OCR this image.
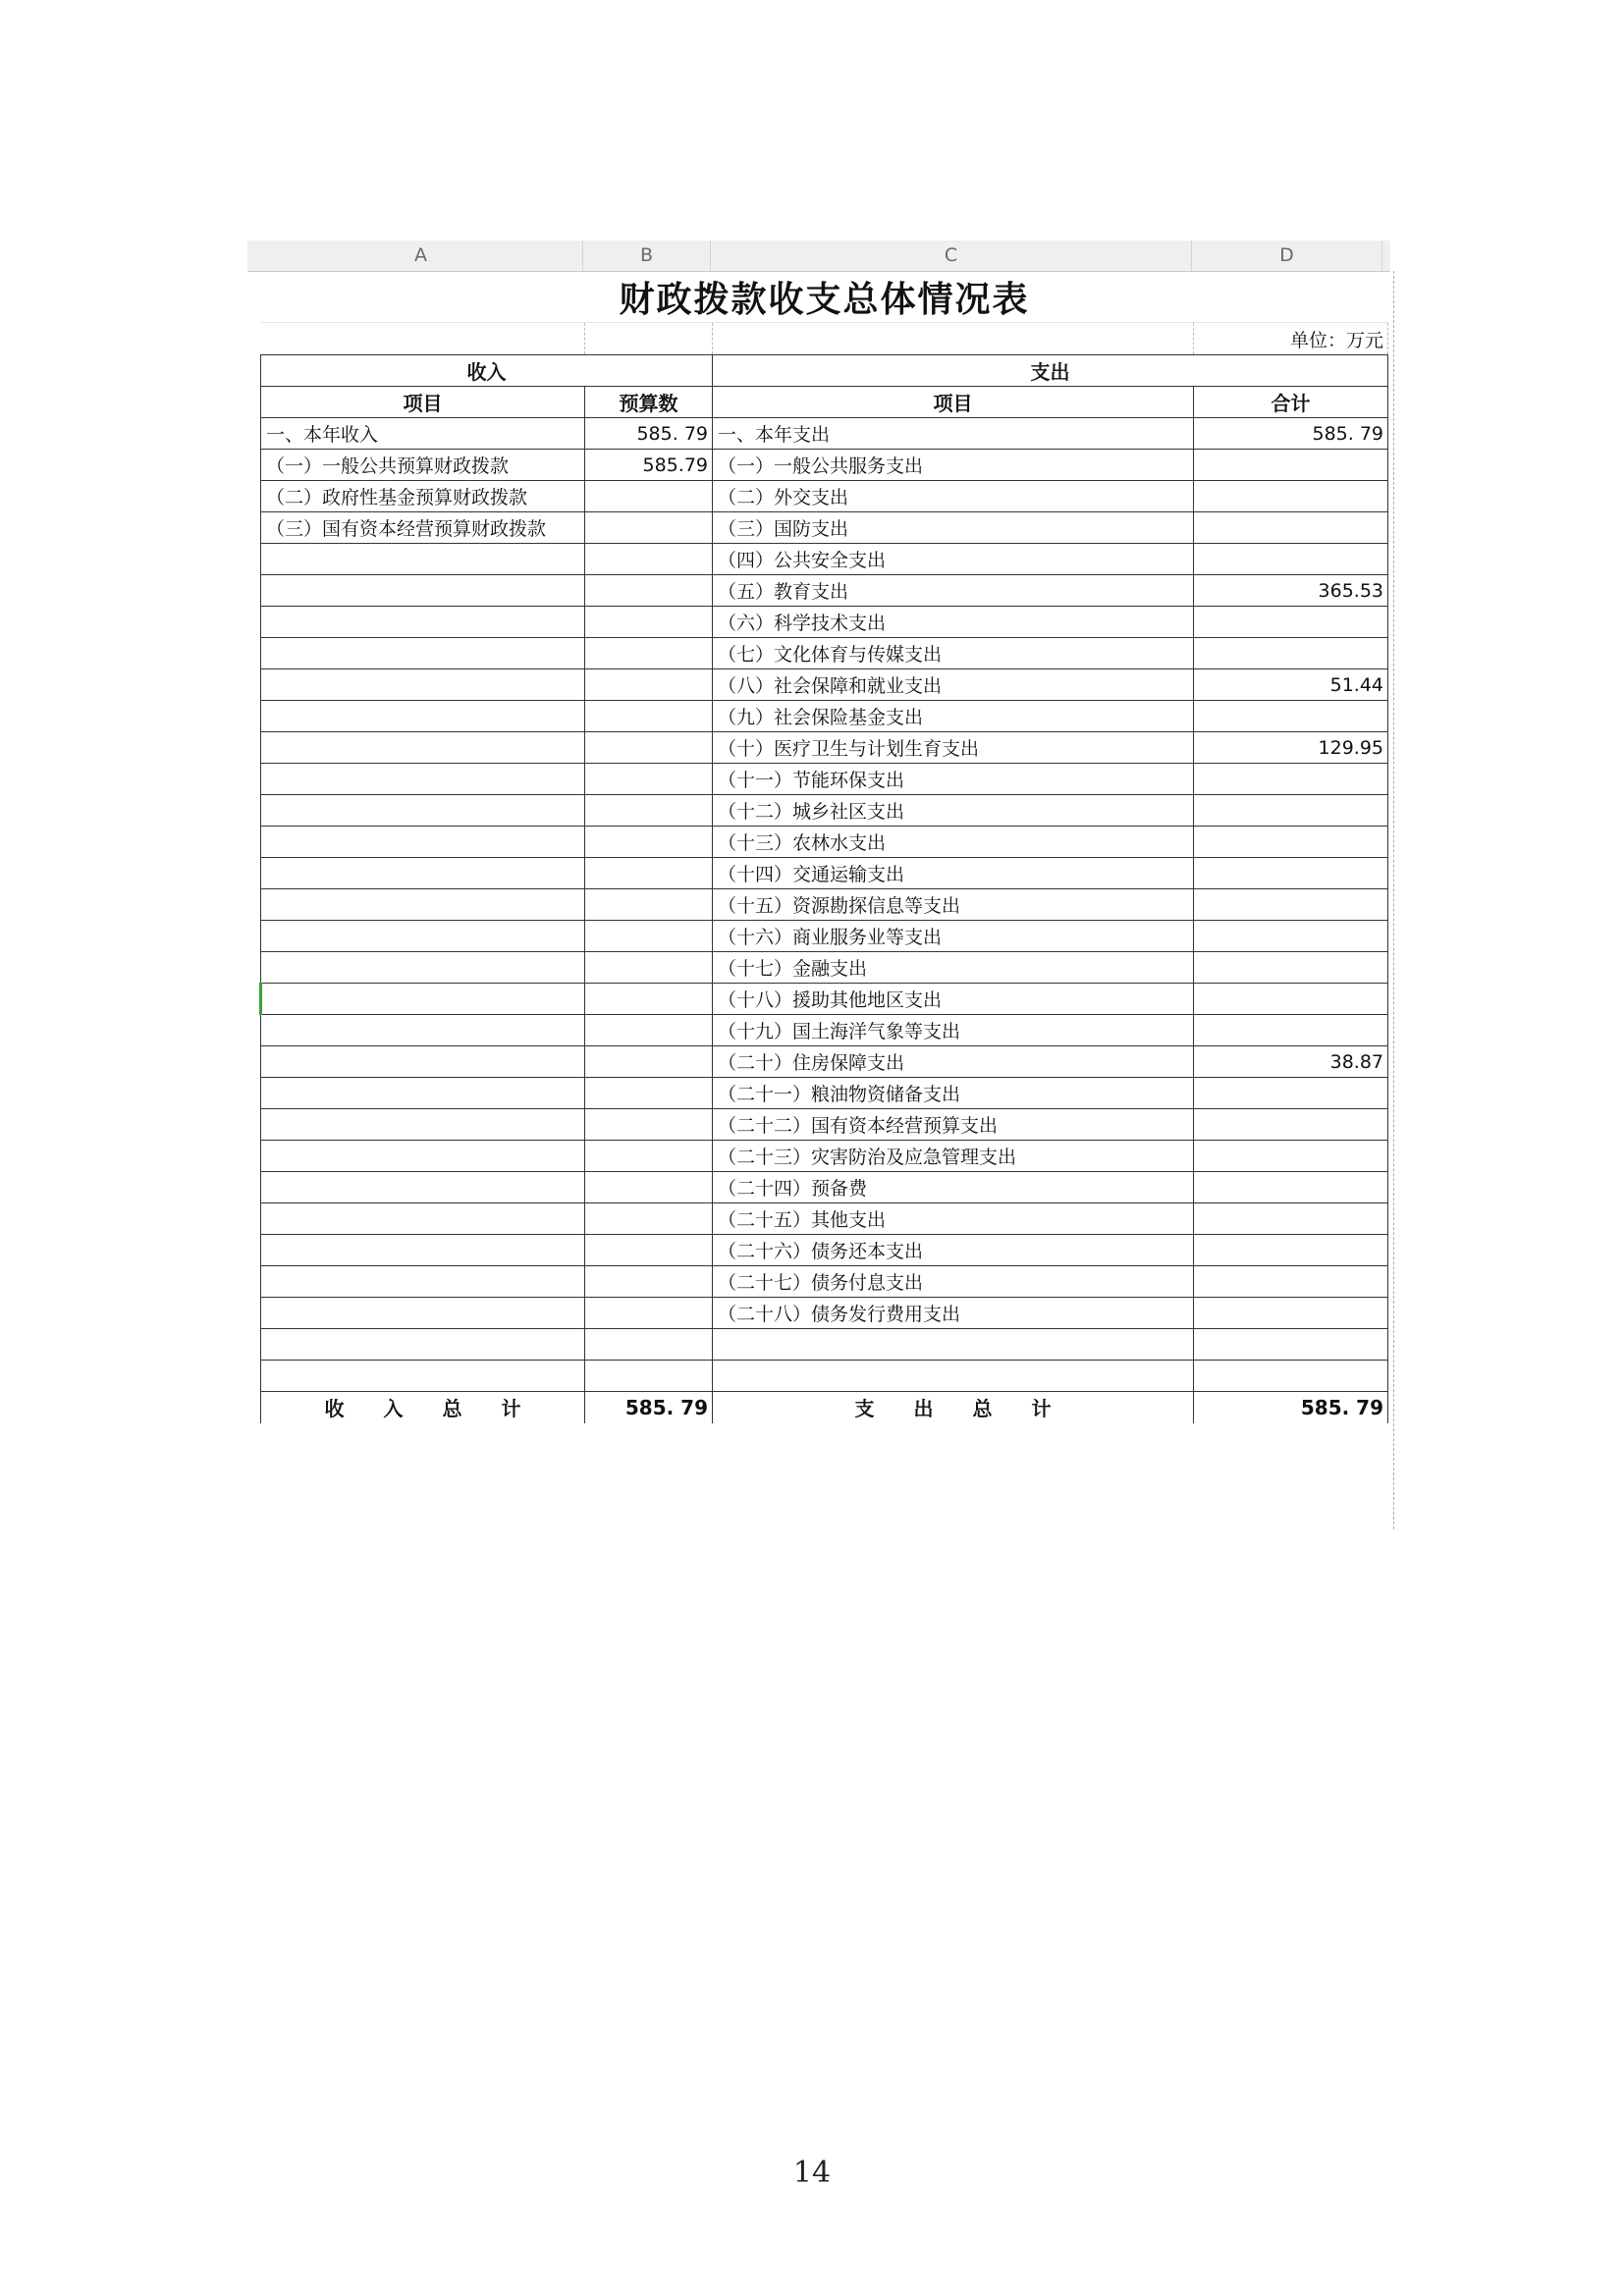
A	B	C	D
财政拨款收支总体情况表			
			单位：万元
收入		支出	
项目	预算数	项目	合计
一、本年收入	585. 79	一、本年支出	585. 79
（一）一般公共预算财政拨款	585.79	（一）一般公共服务支出	
（二）政府性基金预算财政拨款		（二）外交支出	
（三）国有资本经营预算财政拨款		（三）国防支出	
		（四）公共安全支出	
		（五）教育支出	365.53
		（六）科学技术支出	
		（七）文化体育与传媒支出	
		（八）社会保障和就业支出	51.44
		（九）社会保险基金支出	
		（十）医疗卫生与计划生育支出	129.95
		（十一）节能环保支出	
		（十二）城乡社区支出	
		（十三）农林水支出	
		（十四）交通运输支出	
		（十五）资源勘探信息等支出	
		（十六）商业服务业等支出	
		（十七）金融支出	
		（十八）援助其他地区支出	
		（十九）国土海洋气象等支出	
		（二十）住房保障支出	38.87
		（二十一）粮油物资储备支出	
		（二十二）国有资本经营预算支出	
		（二十三）灾害防治及应急管理支出	
		（二十四）预备费	
		（二十五）其他支出	
		（二十六）债务还本支出	
		（二十七）债务付息支出	
		（二十八）债务发行费用支出	

收　　入　　总　　计	585. 79	支　　出　　总　　计	585. 79
14
